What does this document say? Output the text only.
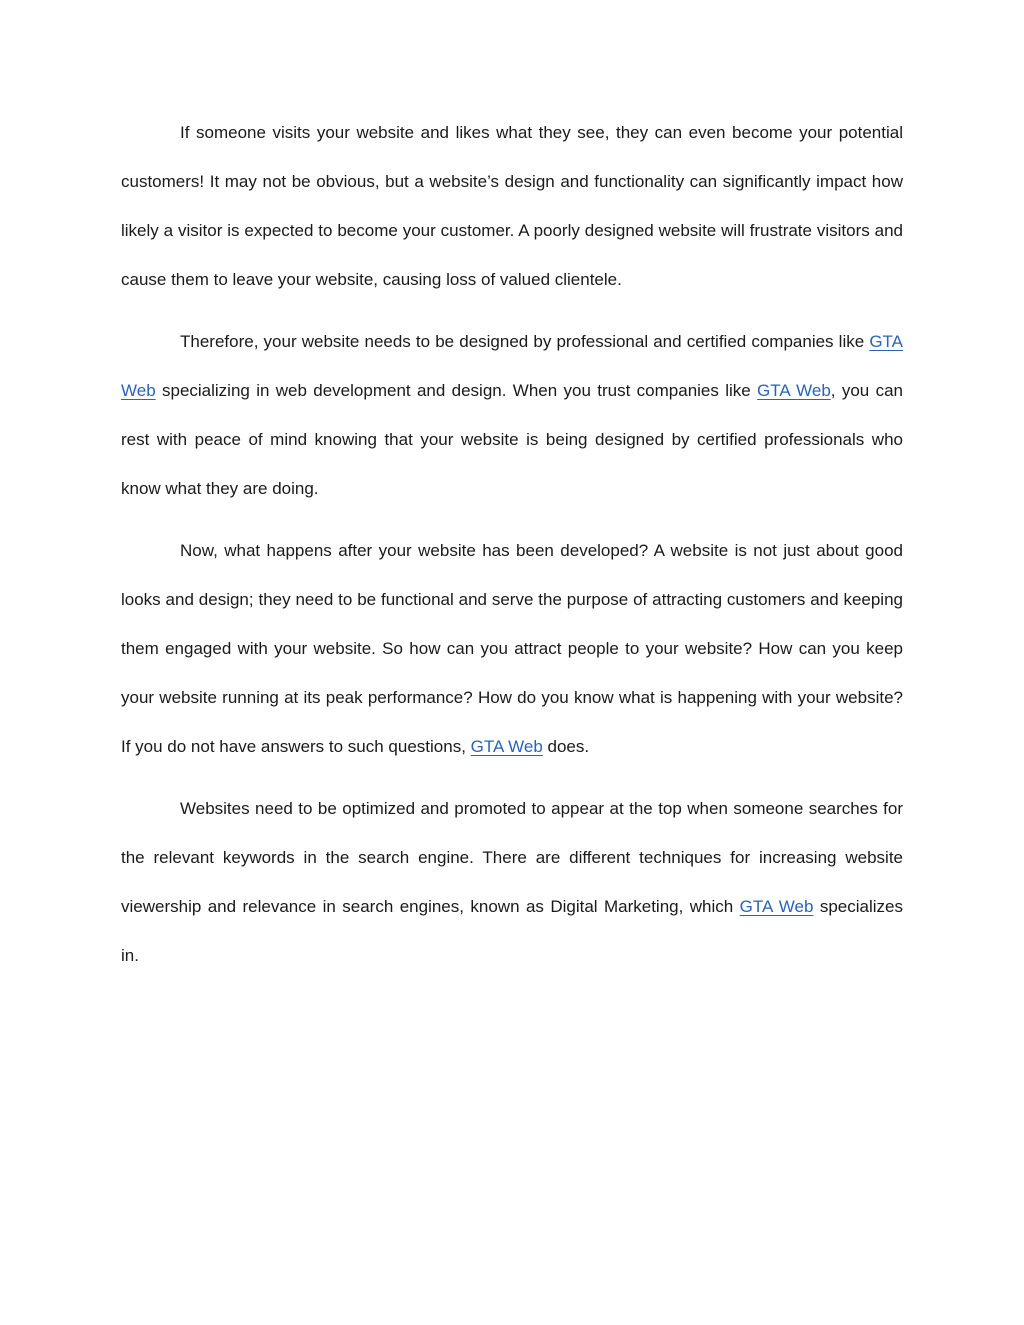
If someone visits your website and likes what they see, they can even become your potential customers! It may not be obvious, but a website’s design and functionality can significantly impact how likely a visitor is expected to become your customer. A poorly designed website will frustrate visitors and cause them to leave your website, causing loss of valued clientele.

Therefore, your website needs to be designed by professional and certified companies like GTA Web specializing in web development and design. When you trust companies like GTA Web, you can rest with peace of mind knowing that your website is being designed by certified professionals who know what they are doing.

Now, what happens after your website has been developed? A website is not just about good looks and design; they need to be functional and serve the purpose of attracting customers and keeping them engaged with your website. So how can you attract people to your website? How can you keep your website running at its peak performance? How do you know what is happening with your website? If you do not have answers to such questions, GTA Web does.

Websites need to be optimized and promoted to appear at the top when someone searches for the relevant keywords in the search engine. There are different techniques for increasing website viewership and relevance in search engines, known as Digital Marketing, which GTA Web specializes in.
